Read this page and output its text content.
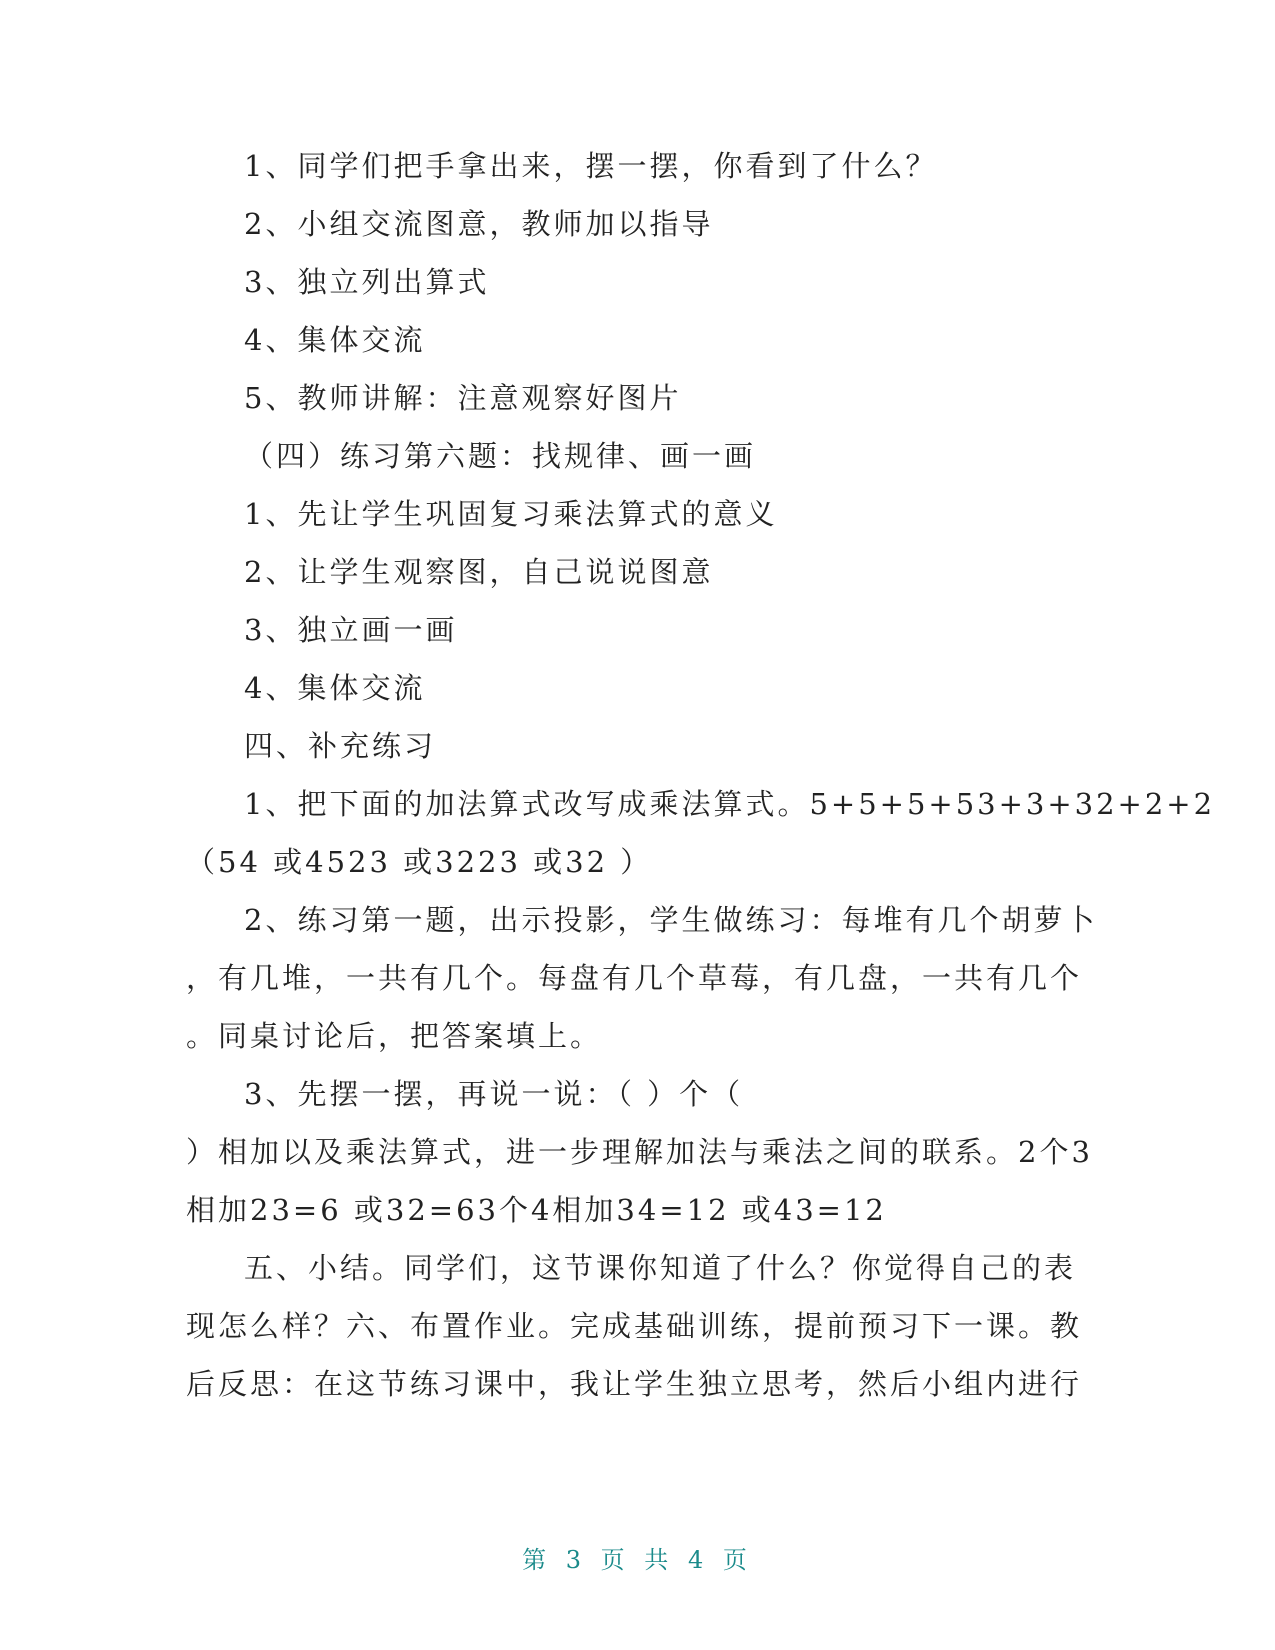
1、同学们把手拿出来，摆一摆，你看到了什么？
2、小组交流图意，教师加以指导
3、独立列出算式
4、集体交流
5、教师讲解：注意观察好图片
（四）练习第六题：找规律、画一画
1、先让学生巩固复习乘法算式的意义
2、让学生观察图，自己说说图意
3、独立画一画
4、集体交流
四、补充练习
1、把下面的加法算式改写成乘法算式。5+5+5+53+3+32+2+2
（54 或4523 或3223 或32 ）
2、练习第一题，出示投影，学生做练习：每堆有几个胡萝卜
，有几堆，一共有几个。每盘有几个草莓，有几盘，一共有几个
。同桌讨论后，把答案填上。
3、先摆一摆，再说一说：（ ）个（
）相加以及乘法算式，进一步理解加法与乘法之间的联系。2个3
相加23=6 或32=63个4相加34=12 或43=12
五、小结。同学们，这节课你知道了什么？你觉得自己的表
现怎么样？六、布置作业。完成基础训练，提前预习下一课。教
后反思：在这节练习课中，我让学生独立思考，然后小组内进行
第 3 页 共 4 页
